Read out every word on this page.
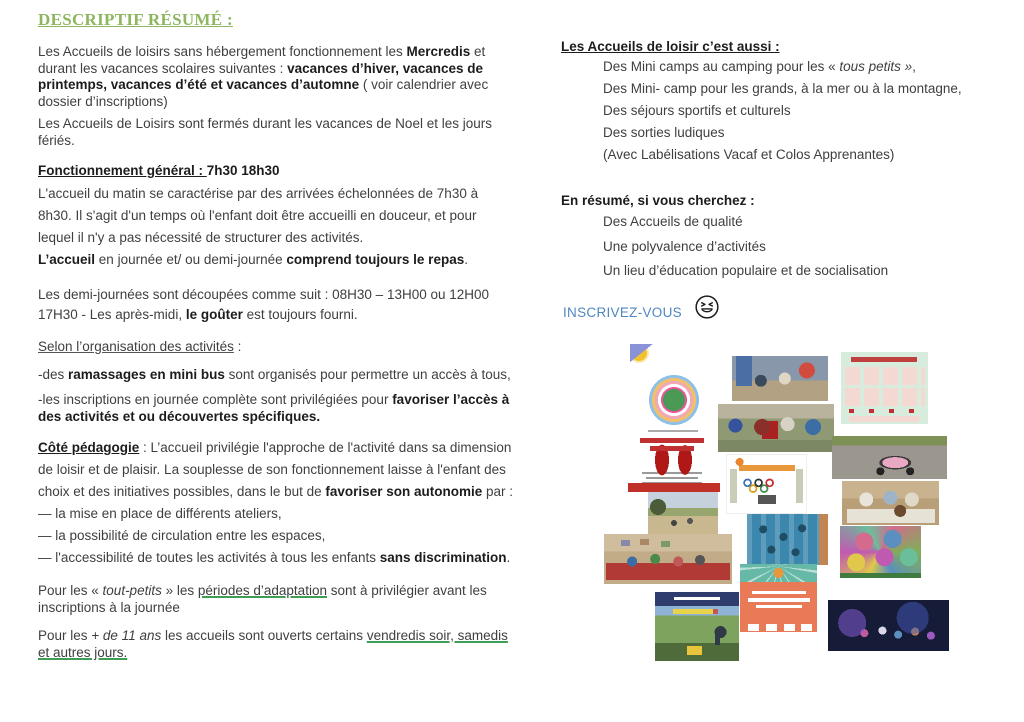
DESCRIPTIF RÉSUMÉ :

Les Accueils de loisirs sans hébergement fonctionnement les Mercredis et durant les vacances scolaires suivantes : vacances d’hiver, vacances de printemps, vacances d’été et vacances d’automne ( voir calendrier avec dossier d’inscriptions)

Les Accueils de Loisirs sont fermés durant les vacances de Noel et les jours fériés.

Fonctionnement général : 7h30 18h30

L'accueil du matin se caractérise par des arrivées échelonnées de 7h30 à 8h30. Il s'agit d'un temps où l'enfant doit être accueilli en douceur, et pour lequel il n'y a pas nécessité de structurer des activités.

L’accueil en journée et/ ou demi-journée comprend toujours le repas.

Les demi-journées sont découpées comme suit : 08H30 – 13H00 ou 12H00 17H30 - Les après-midi, le goûter est toujours fourni.

Selon l’organisation des activités :

-des ramassages en mini bus sont organisés pour permettre un accès à tous,

-les inscriptions en journée complète sont privilégiées pour favoriser l’accès à des activités et ou découvertes spécifiques.

Côté pédagogie : L’accueil privilégie l'approche de l'activité dans sa dimension de loisir et de plaisir. La souplesse de son fonctionnement laisse à l'enfant des choix et des initiatives possibles, dans le but de favoriser son autonomie par :

— la mise en place de différents ateliers,

— la possibilité de circulation entre les espaces,

— l'accessibilité de toutes les activités à tous les enfants sans discrimination.

Pour les « tout-petits » les périodes d’adaptation sont à privilégier avant les inscriptions à la journée

Pour les + de 11 ans les accueils sont ouverts certains vendredis soir, samedis et autres jours.

Les Accueils de loisir c’est aussi :

Des Mini camps au camping pour les « tous petits »,

Des Mini- camp pour les grands, à la mer ou à la montagne,

Des séjours sportifs et culturels

Des sorties ludiques

(Avec Labélisations Vacaf et Colos Apprenantes)

En résumé, si vous cherchez :

Des Accueils de qualité

Une polyvalence d’activités

Un lieu d’éducation populaire et de socialisation

INSCRIVEZ-VOUS
